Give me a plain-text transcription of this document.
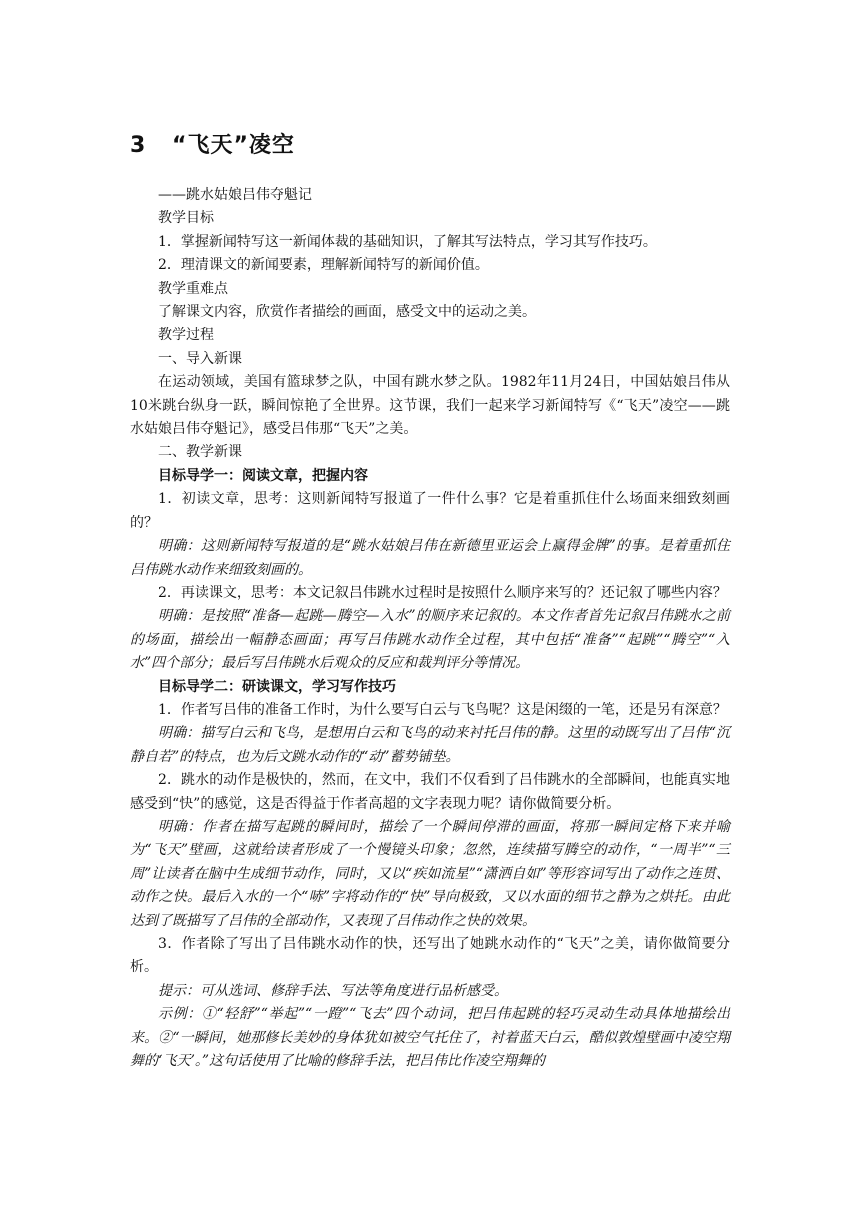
3 “飞天”凌空

——跳水姑娘吕伟夺魁记

教学目标

1．掌握新闻特写这一新闻体裁的基础知识，了解其写法特点，学习其写作技巧。

2．理清课文的新闻要素，理解新闻特写的新闻价值。

教学重难点

了解课文内容，欣赏作者描绘的画面，感受文中的运动之美。

教学过程

一、导入新课

在运动领域，美国有篮球梦之队，中国有跳水梦之队。1982年11月24日，中国姑娘吕伟从10米跳台纵身一跃，瞬间惊艳了全世界。这节课，我们一起来学习新闻特写《“飞天”凌空——跳水姑娘吕伟夺魁记》，感受吕伟那“飞天”之美。

二、教学新课

目标导学一：阅读文章，把握内容

1．初读文章，思考：这则新闻特写报道了一件什么事？它是着重抓住什么场面来细致刻画的？

明确：这则新闻特写报道的是“跳水姑娘吕伟在新德里亚运会上赢得金牌”的事。是着重抓住吕伟跳水动作来细致刻画的。

2．再读课文，思考：本文记叙吕伟跳水过程时是按照什么顺序来写的？还记叙了哪些内容？

明确：是按照“准备—起跳—腾空—入水”的顺序来记叙的。本文作者首先记叙吕伟跳水之前的场面，描绘出一幅静态画面；再写吕伟跳水动作全过程，其中包括“准备”“起跳”“腾空”“入水”四个部分；最后写吕伟跳水后观众的反应和裁判评分等情况。

目标导学二：研读课文，学习写作技巧

1．作者写吕伟的准备工作时，为什么要写白云与飞鸟呢？这是闲缀的一笔，还是另有深意？

明确：描写白云和飞鸟，是想用白云和飞鸟的动来衬托吕伟的静。这里的动既写出了吕伟“沉静自若”的特点，也为后文跳水动作的“动”蓄势铺垫。

2．跳水的动作是极快的，然而，在文中，我们不仅看到了吕伟跳水的全部瞬间，也能真实地感受到“快”的感觉，这是否得益于作者高超的文字表现力呢？请你做简要分析。

明确：作者在描写起跳的瞬间时，描绘了一个瞬间停滞的画面，将那一瞬间定格下来并喻为“飞天”壁画，这就给读者形成了一个慢镜头印象；忽然，连续描写腾空的动作，“一周半”“三周”让读者在脑中生成细节动作，同时，又以“疾如流星”“潇洒自如”等形容词写出了动作之连贯、动作之快。最后入水的一个“哧”字将动作的“快”导向极致，又以水面的细节之静为之烘托。由此达到了既描写了吕伟的全部动作，又表现了吕伟动作之快的效果。

3．作者除了写出了吕伟跳水动作的快，还写出了她跳水动作的“飞天”之美，请你做简要分析。

提示：可从选词、修辞手法、写法等角度进行品析感受。

示例：①“轻舒”“举起”“一蹬”“飞去”四个动词，把吕伟起跳的轻巧灵动生动具体地描绘出来。②“一瞬间，她那修长美妙的身体犹如被空气托住了，衬着蓝天白云，酷似敦煌壁画中凌空翔舞的‘飞天’。”这句话使用了比喻的修辞手法，把吕伟比作凌空翔舞的
